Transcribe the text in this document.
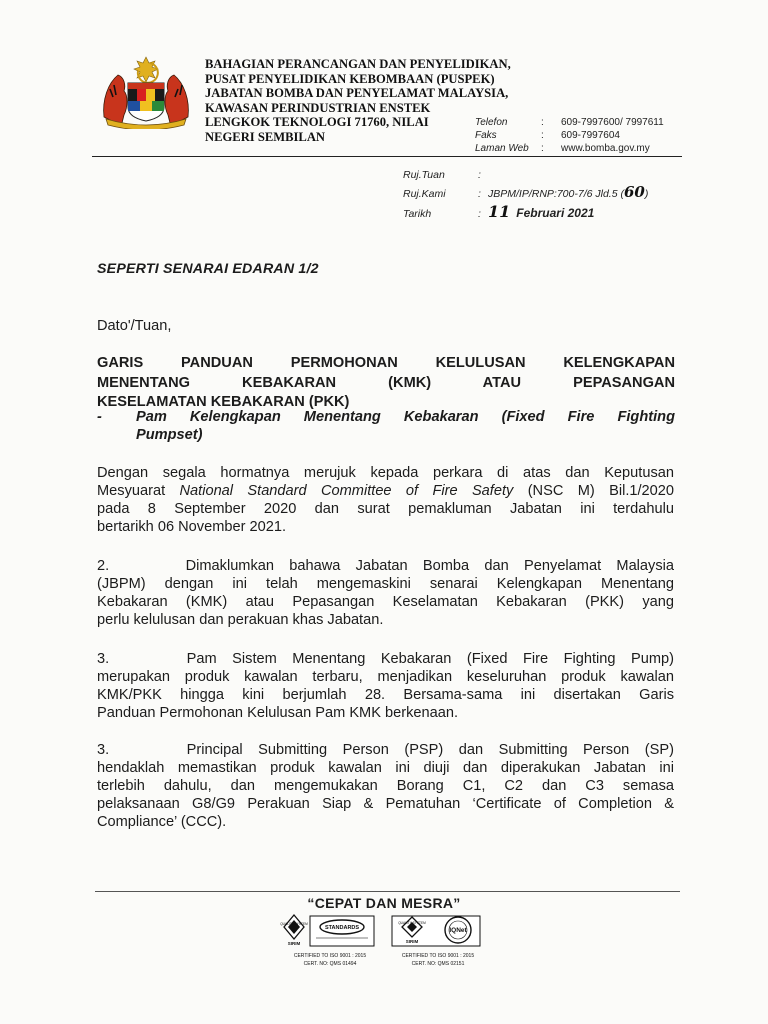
BAHAGIAN PERANCANGAN DAN PENYELIDIKAN,
PUSAT PENYELIDIKAN KEBOMBAAN (PUSPEK)
JABATAN BOMBA DAN PENYELAMAT MALAYSIA,
KAWASAN PERINDUSTRIAN ENSTEK
LENGKOK TEKNOLOGI 71760, NILAI
NEGERI SEMBILAN
Telefon	:	609-7997600/ 7997611
Faks	:	609-7997604
Laman Web	:	www.bomba.gov.my
Ruj.Tuan	:
Ruj.Kami	: JBPM/IP/RNP:700-7/6 Jld.5 ( 60 )
Tarikh	: 11 Februari 2021
SEPERTI SENARAI EDARAN 1/2
Dato'/Tuan,
GARIS PANDUAN PERMOHONAN KELULUSAN KELENGKAPAN
MENENTANG KEBAKARAN (KMK) ATAU PEPASANGAN
KESELAMATAN KEBAKARAN (PKK)
- Pam Kelengkapan Menentang Kebakaran (Fixed Fire Fighting
Pumpset)
Dengan segala hormatnya merujuk kepada perkara di atas dan Keputusan
Mesyuarat National Standard Committee of Fire Safety (NSC M) Bil.1/2020
pada 8 September 2020 dan surat pemakluman Jabatan ini terdahulu
bertarikh 06 November 2021.
2.     Dimaklumkan bahawa Jabatan Bomba dan Penyelamat Malaysia
(JBPM) dengan ini telah mengemaskini senarai Kelengkapan Menentang
Kebakaran (KMK) atau Pepasangan Keselamatan Kebakaran (PKK) yang
perlu kelulusan dan perakuan khas Jabatan.
3.     Pam Sistem Menentang Kebakaran (Fixed Fire Fighting Pump)
merupakan produk kawalan terbaru, menjadikan keseluruhan produk kawalan
KMK/PKK hingga kini berjumlah 28. Bersama-sama ini disertakan Garis
Panduan Permohonan Kelulusan Pam KMK berkenaan.
3.     Principal Submitting Person (PSP) dan Submitting Person (SP)
hendaklah memastikan produk kawalan ini diuji dan diperakukan Jabatan ini
terlebih dahulu, dan mengemukakan Borang C1, C2 dan C3 semasa
pelaksanaan G8/G9 Perakuan Siap & Pematuhan ‘Certificate of Completion &
Compliance’ (CCC).
“CEPAT DAN MESRA”
QUALITY SYSTEM
SIRIM
STANDARDS
CERTIFIED TO ISO 9001 : 2015
CERT. NO: QMS 01494
QUALITY SYSTEM
SIRIM
IQNet
CERTIFIED TO ISO 9001 : 2015
CERT. NO: QMS 02151
